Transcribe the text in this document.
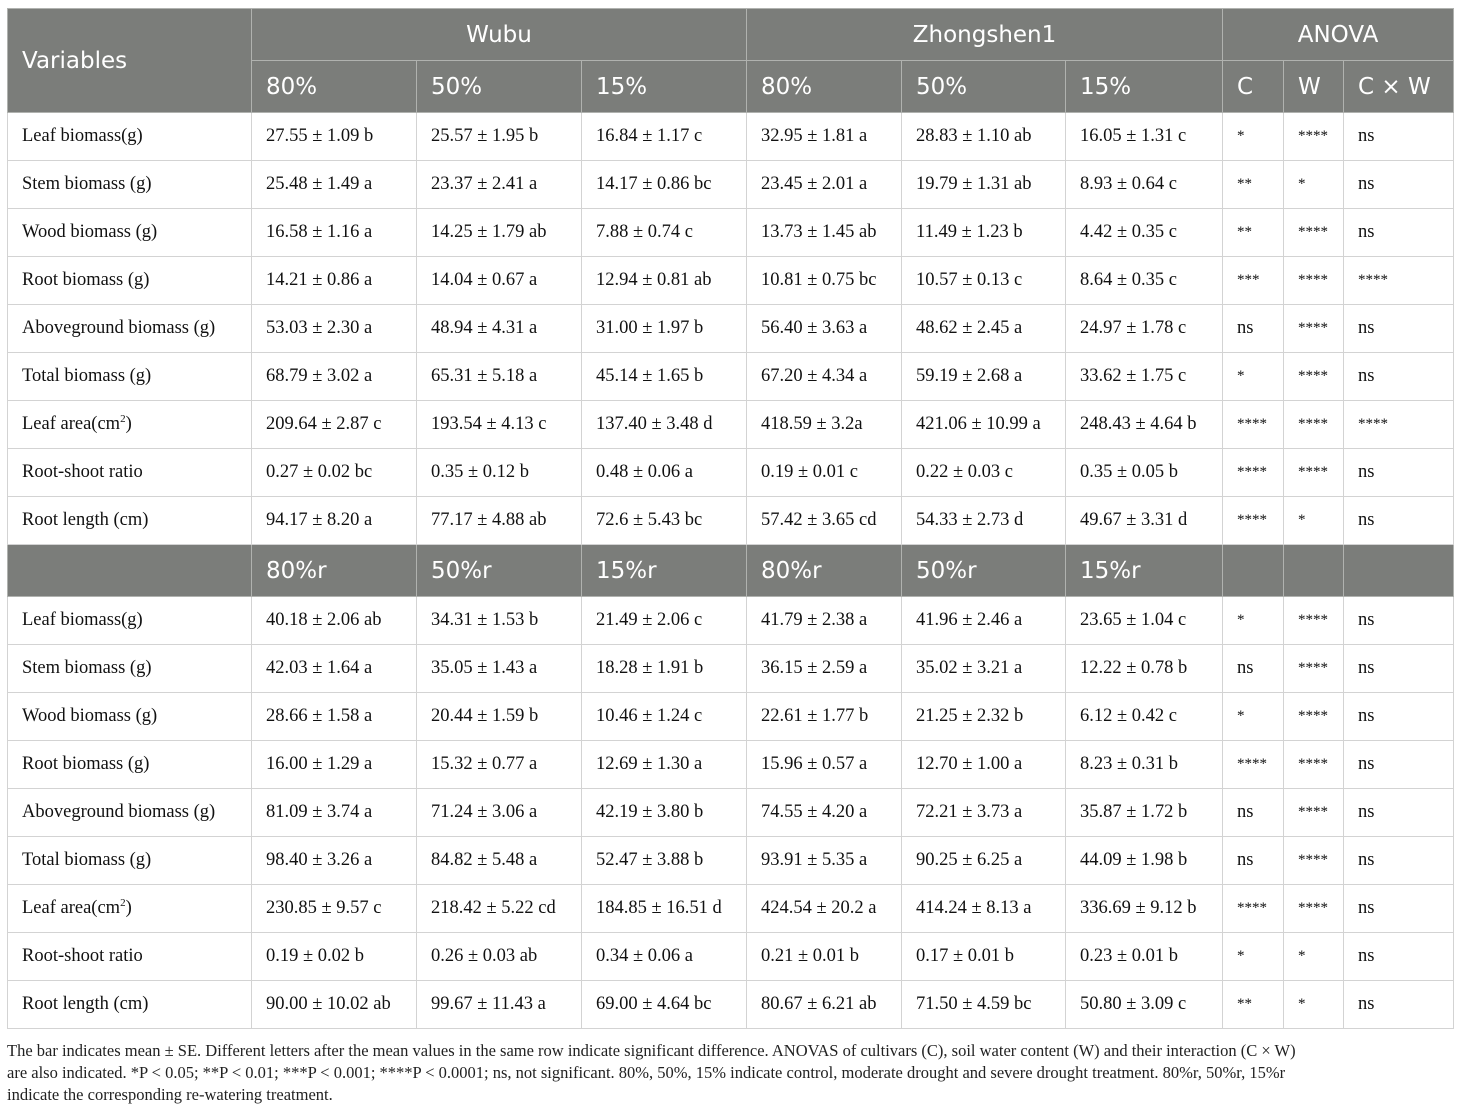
Variables	Wubu			Zhongshen1			ANOVA		
	80%	50%	15%	80%	50%	15%	C	W	C × W
Leaf biomass(g)	27.55 ± 1.09 b	25.57 ± 1.95 b	16.84 ± 1.17 c	32.95 ± 1.81 a	28.83 ± 1.10 ab	16.05 ± 1.31 c	*	****	ns
Stem biomass (g)	25.48 ± 1.49 a	23.37 ± 2.41 a	14.17 ± 0.86 bc	23.45 ± 2.01 a	19.79 ± 1.31 ab	8.93 ± 0.64 c	**	*	ns
Wood biomass (g)	16.58 ± 1.16 a	14.25 ± 1.79 ab	7.88 ± 0.74 c	13.73 ± 1.45 ab	11.49 ± 1.23 b	4.42 ± 0.35 c	**	****	ns
Root biomass (g)	14.21 ± 0.86 a	14.04 ± 0.67 a	12.94 ± 0.81 ab	10.81 ± 0.75 bc	10.57 ± 0.13 c	8.64 ± 0.35 c	***	****	****
Aboveground biomass (g)	53.03 ± 2.30 a	48.94 ± 4.31 a	31.00 ± 1.97 b	56.40 ± 3.63 a	48.62 ± 2.45 a	24.97 ± 1.78 c	ns	****	ns
Total biomass (g)	68.79 ± 3.02 a	65.31 ± 5.18 a	45.14 ± 1.65 b	67.20 ± 4.34 a	59.19 ± 2.68 a	33.62 ± 1.75 c	*	****	ns
Leaf $area(cm^2)$	209.64 ± 2.87 c	193.54 ± 4.13 c	137.40 ± 3.48 d	418.59 ± 3.2a	421.06 ± 10.99 a	248.43 ± 4.64 b	****	****	****
Root-shoot ratio	0.27 ± 0.02 bc	0.35 ± 0.12 b	0.48 ± 0.06 a	0.19 ± 0.01 c	0.22 ± 0.03 c	0.35 ± 0.05 b	****	****	ns
Root length (cm)	94.17 ± 8.20 a	77.17 ± 4.88 ab	72.6 ± 5.43 bc	57.42 ± 3.65 cd	54.33 ± 2.73 d	49.67 ± 3.31 d	****	*	ns
	80%r	50%r	15%r	80%r	50%r	15%r			
Leaf biomass(g)	40.18 ± 2.06 ab	34.31 ± 1.53 b	21.49 ± 2.06 c	41.79 ± 2.38 a	41.96 ± 2.46 a	23.65 ± 1.04 c	*	****	ns
Stem biomass (g)	42.03 ± 1.64 a	35.05 ± 1.43 a	18.28 ± 1.91 b	36.15 ± 2.59 a	35.02 ± 3.21 a	12.22 ± 0.78 b	ns	****	ns
Wood biomass (g)	28.66 ± 1.58 a	20.44 ± 1.59 b	10.46 ± 1.24 c	22.61 ± 1.77 b	21.25 ± 2.32 b	6.12 ± 0.42 c	*	****	ns
Root biomass (g)	16.00 ± 1.29 a	15.32 ± 0.77 a	12.69 ± 1.30 a	15.96 ± 0.57 a	12.70 ± 1.00 a	8.23 ± 0.31 b	****	****	ns
Aboveground biomass (g)	81.09 ± 3.74 a	71.24 ± 3.06 a	42.19 ± 3.80 b	74.55 ± 4.20 a	72.21 ± 3.73 a	35.87 ± 1.72 b	ns	****	ns
Total biomass (g)	98.40 ± 3.26 a	84.82 ± 5.48 a	52.47 ± 3.88 b	93.91 ± 5.35 a	90.25 ± 6.25 a	44.09 ± 1.98 b	ns	****	ns
Leaf $area(cm^2)$	230.85 ± 9.57 c	218.42 ± 5.22 cd	184.85 ± 16.51 d	424.54 ± 20.2 a	414.24 ± 8.13 a	336.69 ± 9.12 b	****	****	ns
Root-shoot ratio	0.19 ± 0.02 b	0.26 ± 0.03 ab	0.34 ± 0.06 a	0.21 ± 0.01 b	0.17 ± 0.01 b	0.23 ± 0.01 b	*	*	ns
Root length (cm)	90.00 ± 10.02 ab	99.67 ± 11.43 a	69.00 ± 4.64 bc	80.67 ± 6.21 ab	71.50 ± 4.59 bc	50.80 ± 3.09 c	**	*	ns
The bar indicates mean ± SE. Different letters after the mean values in the same row indicate significant difference. ANOVAS of cultivars (C), soil water content (W) and their interaction (C × W)
are also indicated. *P < 0.05; **P < 0.01; ***P < 0.001; ****P < 0.0001; ns, not significant. 80%, 50%, 15% indicate control, moderate drought and severe drought treatment. 80%r, 50%r, 15%r
indicate the corresponding re-watering treatment.
